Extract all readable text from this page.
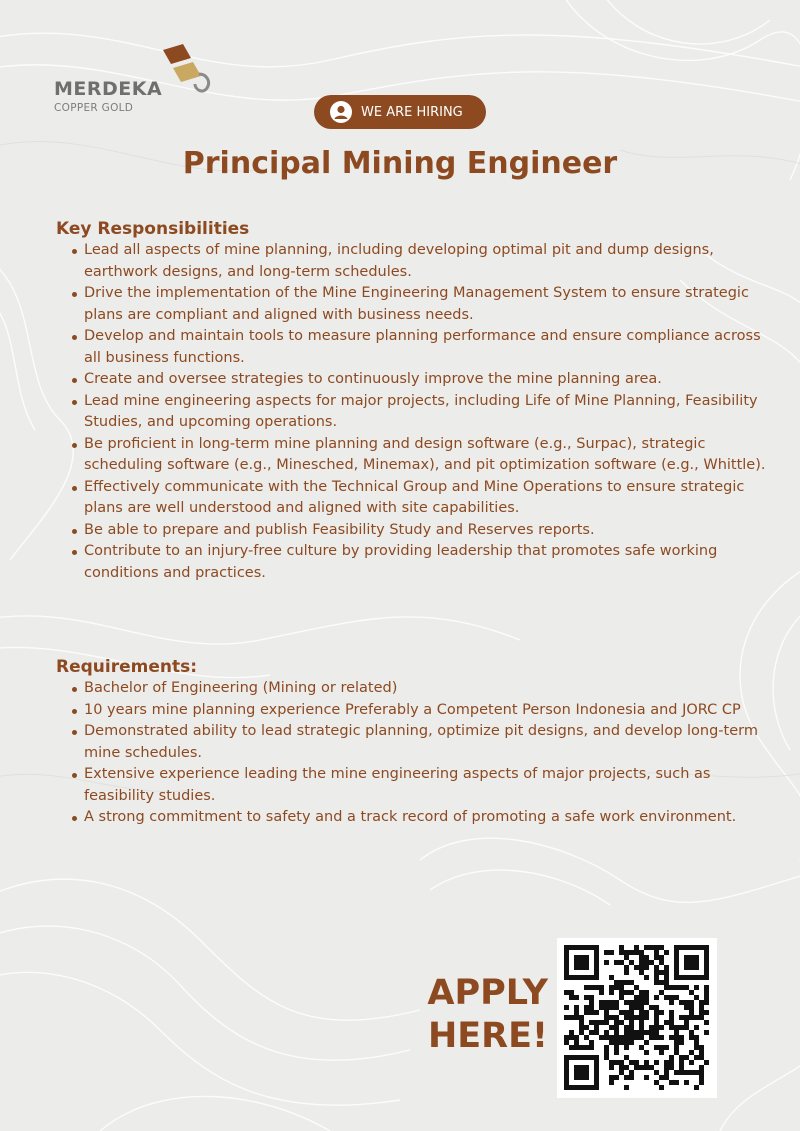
MERDEKA
COPPER GOLD	WE ARE HIRING
Principal Mining Engineer
Key Responsibilities
Lead all aspects of mine planning, including developing optimal pit and dump designs, earthwork designs, and long-term schedules.
Drive the implementation of the Mine Engineering Management System to ensure strategic plans are compliant and aligned with business needs.
Develop and maintain tools to measure planning performance and ensure compliance across all business functions.
Create and oversee strategies to continuously improve the mine planning area.
Lead mine engineering aspects for major projects, including Life of Mine Planning, Feasibility Studies, and upcoming operations.
Be proficient in long-term mine planning and design software (e.g., Surpac), strategic scheduling software (e.g., Minesched, Minemax), and pit optimization software (e.g., Whittle).
Effectively communicate with the Technical Group and Mine Operations to ensure strategic plans are well understood and aligned with site capabilities.
Be able to prepare and publish Feasibility Study and Reserves reports.
Contribute to an injury-free culture by providing leadership that promotes safe working conditions and practices.
Requirements:
Bachelor of Engineering (Mining or related)
10 years mine planning experience Preferably a Competent Person Indonesia and JORC CP
Demonstrated ability to lead strategic planning, optimize pit designs, and develop long-term mine schedules.
Extensive experience leading the mine engineering aspects of major projects, such as feasibility studies.
A strong commitment to safety and a track record of promoting a safe work environment.
APPLY
HERE!
